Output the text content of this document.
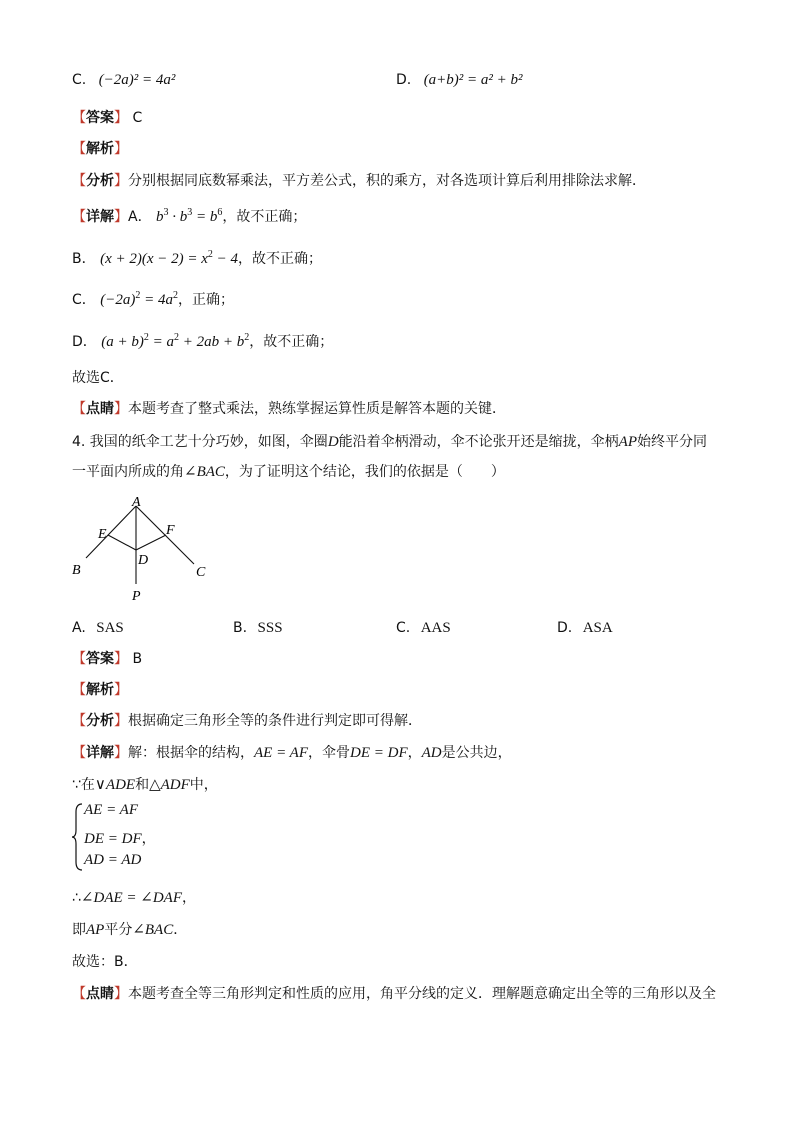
C. (−2a)² = 4a²	D. (a+b)² = a² + b²
【答案】 C
【解析】
【分析】分别根据同底数幂乘法，平方差公式，积的乘方，对各选项计算后利用排除法求解．
【详解】A． $b^3 \cdot b^3 = b^6$，故不正确；
B． $(x + 2)(x - 2) = x^2 - 4$，故不正确；
C． $(-2a)^2 = 4a^2$，正确；
D． $(a + b)^2 = a^2 + 2ab + b^2$，故不正确；
故选C．
【点睛】本题考查了整式乘法，熟练掌握运算性质是解答本题的关键．
4. 我国的纸伞工艺十分巧妙，如图，伞圈D能沿着伞柄滑动，伞不论张开还是缩拢，伞柄AP始终平分同
一平面内所成的角∠BAC，为了证明这个结论，我们的依据是（　　）
A
E	F
D
B	C
P
A. SAS	B. SSS	C. AAS	D. ASA
【答案】 B
【解析】
【分析】根据确定三角形全等的条件进行判定即可得解．
【详解】解：根据伞的结构，AE = AF，伞骨DE = DF，AD是公共边，
∵在∨ADE和△ADF中，
AE = AF
DE = DF，
AD = AD
∴∠DAE = ∠DAF，
即AP平分∠BAC．
故选：B．
【点睛】本题考查全等三角形判定和性质的应用，角平分线的定义．理解题意确定出全等的三角形以及全
